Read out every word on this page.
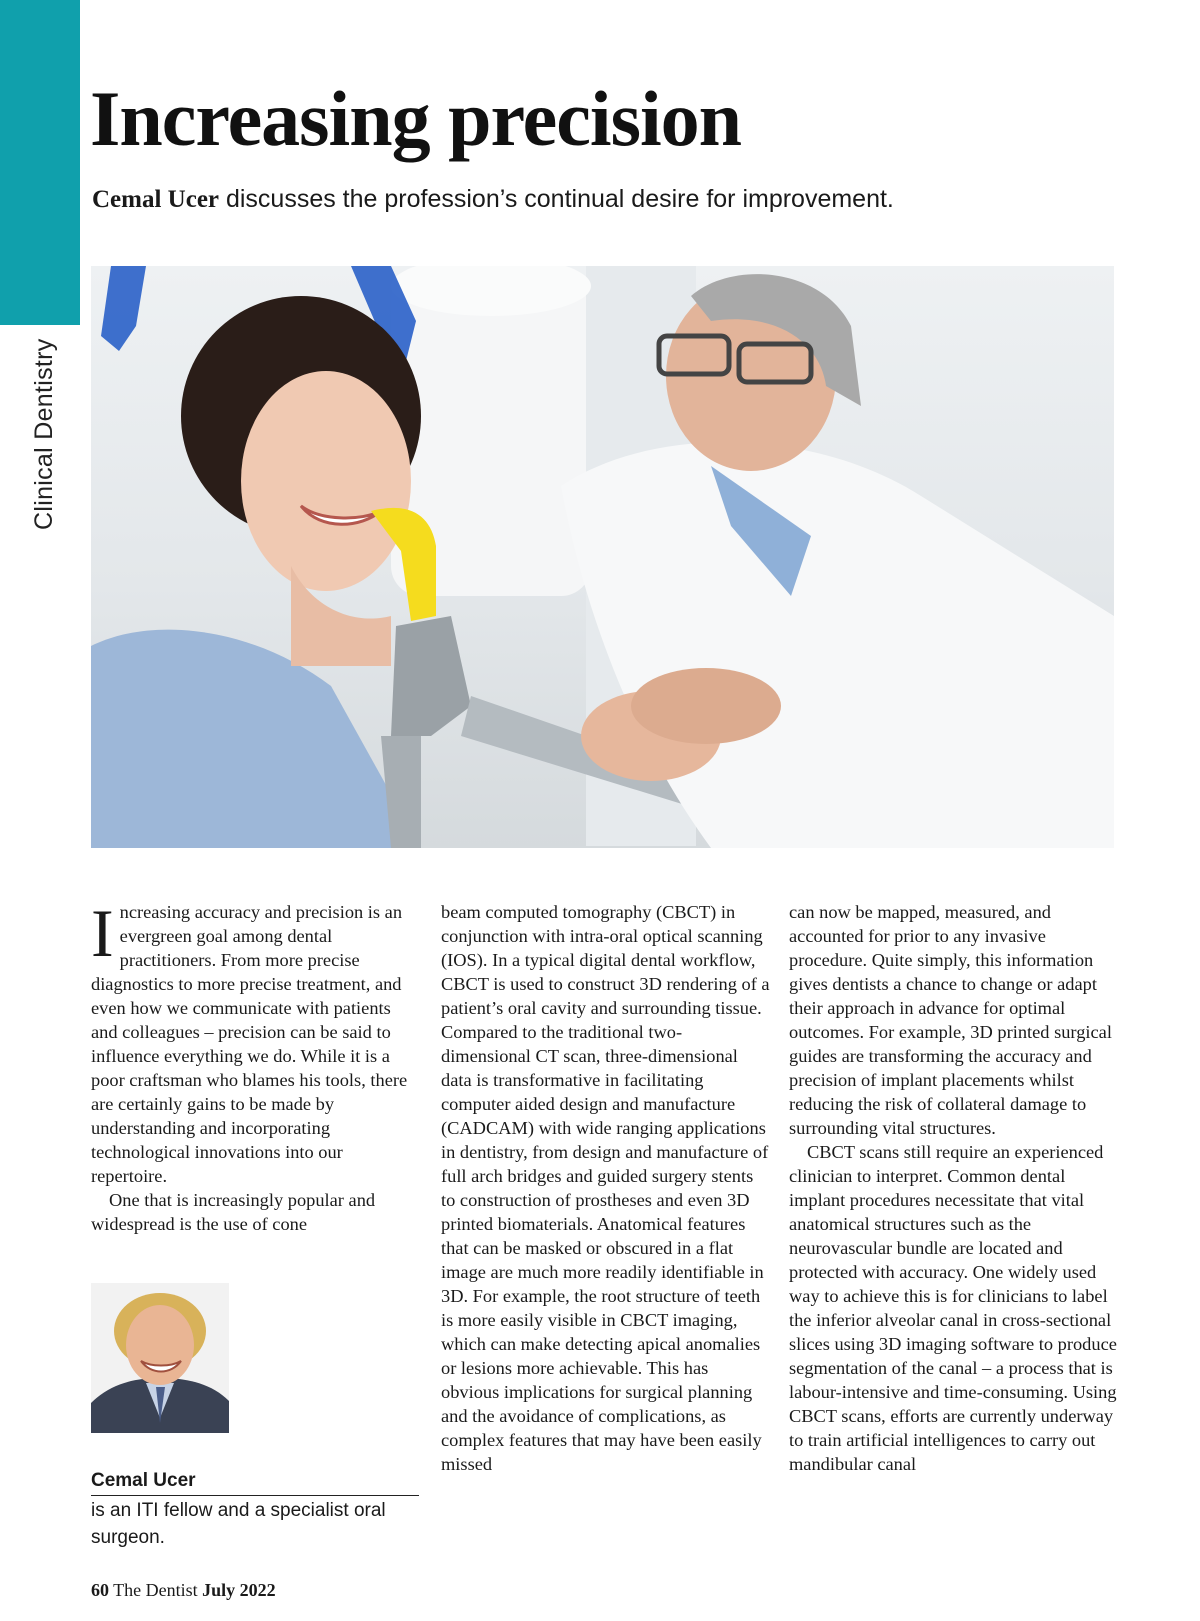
Clinical Dentistry
Increasing precision

Cemal Ucer discusses the profession’s continual desire for improvement.

Increasing accuracy and precision is an evergreen goal among dental practitioners. From more precise diagnostics to more precise treatment, and even how we communicate with patients and colleagues – precision can be said to influence everything we do. While it is a poor craftsman who blames his tools, there are certainly gains to be made by understanding and incorporating technological innovations into our repertoire.

One that is increasingly popular and widespread is the use of cone

beam computed tomography (CBCT) in conjunction with intra-oral optical scanning (IOS). In a typical digital dental workflow, CBCT is used to construct 3D rendering of a patient’s oral cavity and surrounding tissue. Compared to the traditional two-dimensional CT scan, three-dimensional data is transformative in facilitating computer aided design and manufacture (CADCAM) with wide ranging applications in dentistry, from design and manufacture of full arch bridges and guided surgery stents to construction of prostheses and even 3D printed biomaterials. Anatomical features that can be masked or obscured in a flat image are much more readily identifiable in 3D. For example, the root structure of teeth is more easily visible in CBCT imaging, which can make detecting apical anomalies or lesions more achievable. This has obvious implications for surgical planning and the avoidance of complications, as complex features that may have been easily missed

can now be mapped, measured, and accounted for prior to any invasive procedure. Quite simply, this information gives dentists a chance to change or adapt their approach in advance for optimal outcomes. For example, 3D printed surgical guides are transforming the accuracy and precision of implant placements whilst reducing the risk of collateral damage to surrounding vital structures.

CBCT scans still require an experienced clinician to interpret. Common dental implant procedures necessitate that vital anatomical structures such as the neurovascular bundle are located and protected with accuracy. One widely used way to achieve this is for clinicians to label the inferior alveolar canal in cross-sectional slices using 3D imaging software to produce segmentation of the canal – a process that is labour-intensive and time-consuming. Using CBCT scans, efforts are currently underway to train artificial intelligences to carry out mandibular canal

Cemal Ucer

is an ITI fellow and a specialist oral surgeon.

60 The Dentist July 2022
